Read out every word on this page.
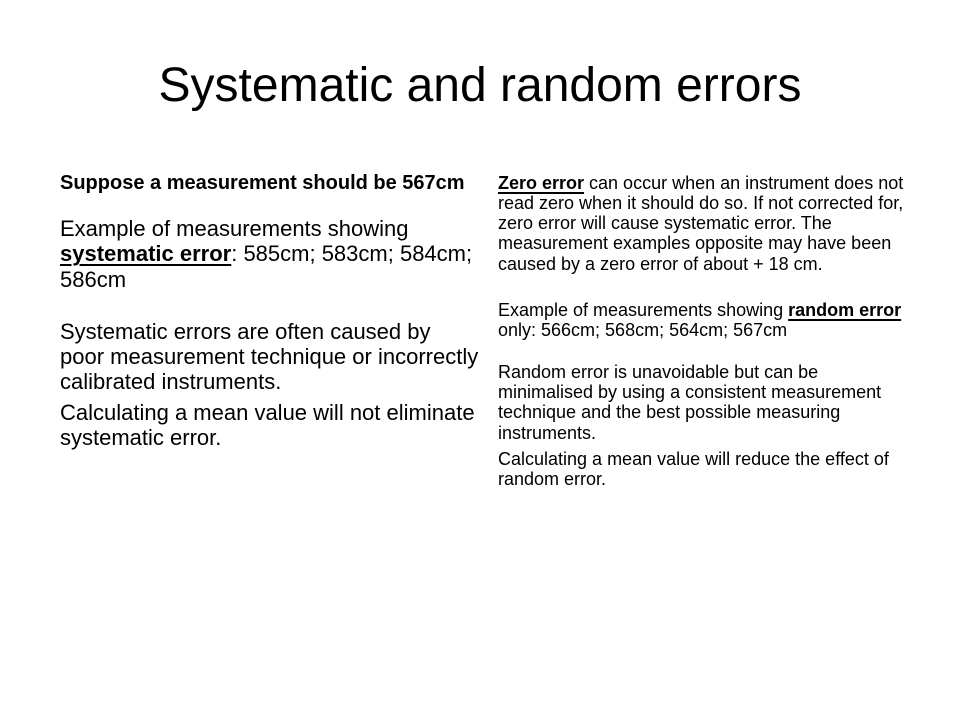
Systematic and random errors

Suppose a measurement should be 567cm

Example of measurements showing systematic error: 585cm; 583cm; 584cm; 586cm

Systematic errors are often caused by poor measurement technique or incorrectly calibrated instruments.

Calculating a mean value will not eliminate systematic error.

Zero error can occur when an instrument does not read zero when it should do so. If not corrected for, zero error will cause systematic error. The measurement examples opposite may have been caused by a zero error of about + 18 cm.

Example of measurements showing random error only: 566cm; 568cm; 564cm; 567cm

Random error is unavoidable but can be minimalised by using a consistent measurement technique and the best possible measuring instruments.

Calculating a mean value will reduce the effect of random error.
